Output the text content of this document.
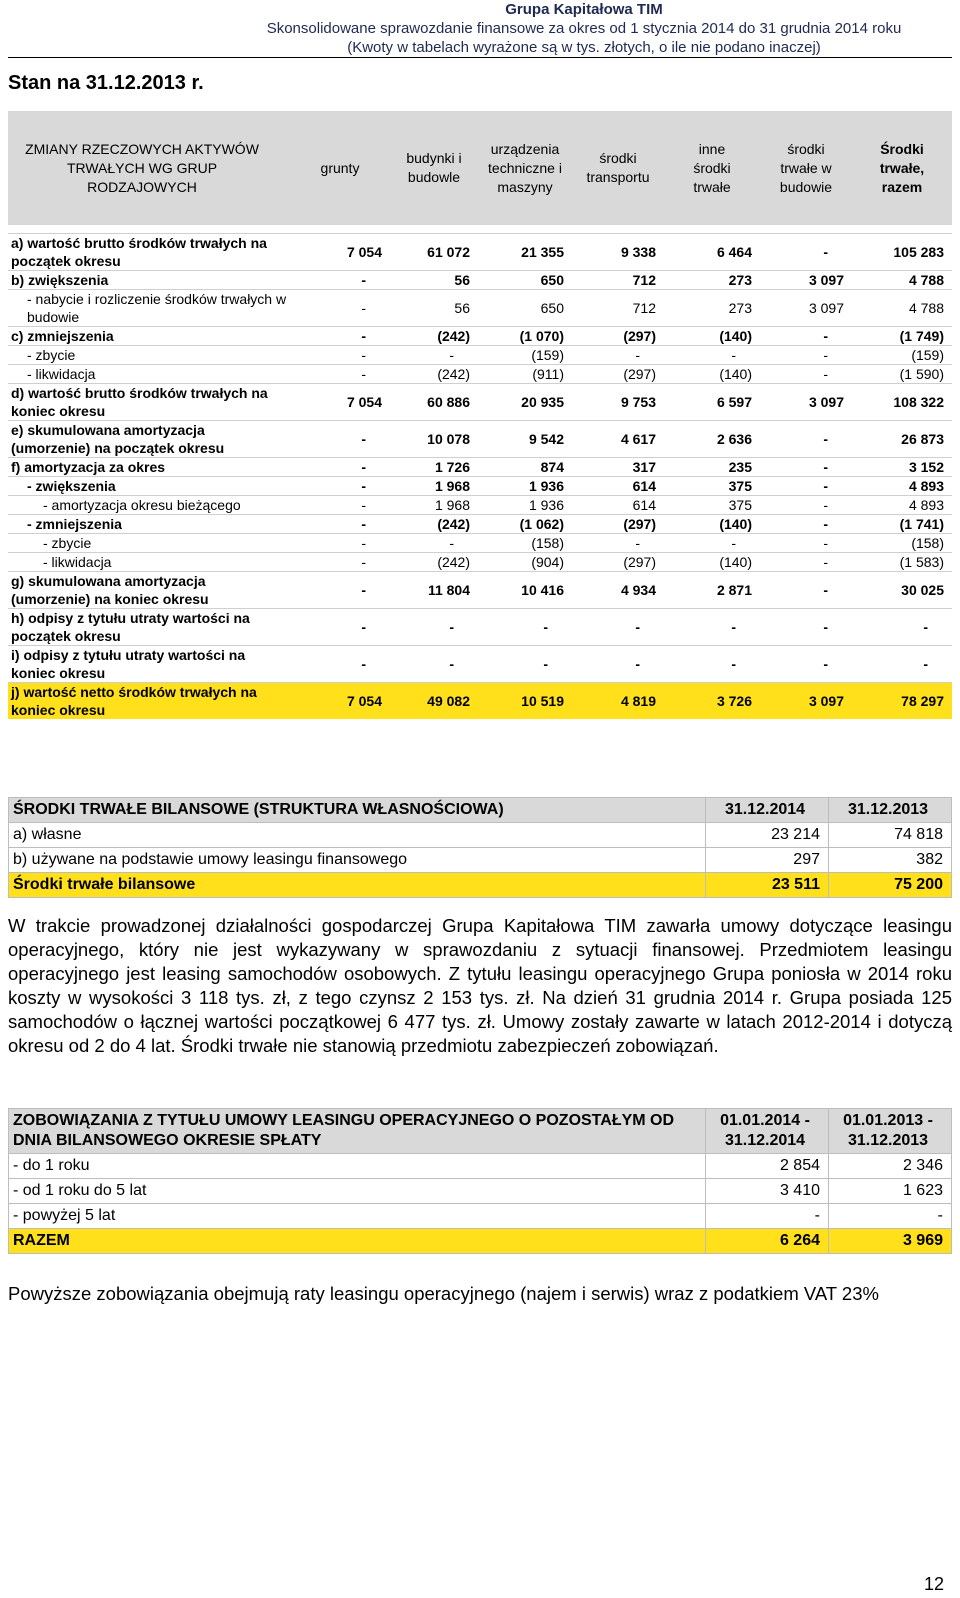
Grupa Kapitałowa TIM
Skonsolidowane sprawozdanie finansowe za okres od 1 stycznia 2014 do 31 grudnia 2014 roku
(Kwoty w tabelach wyrażone są w tys. złotych, o ile nie podano inaczej)
Stan na 31.12.2013 r.
ZMIANY RZECZOWYCH AKTYWÓW TRWAŁYCH WG GRUP RODZAJOWYCH	grunty	budynki i budowle	urządzenia techniczne i maszyny	środki transportu	inne środki trwałe	środki trwałe w budowie	Środki trwałe, razem

a) wartość brutto środków trwałych na początek okresu	7 054	61 072	21 355	9 338	6 464	-	105 283
b) zwiększenia	-	56	650	712	273	3 097	4 788
- nabycie i rozliczenie środków trwałych w budowie	-	56	650	712	273	3 097	4 788
c) zmniejszenia	-	(242)	(1 070)	(297)	(140)	-	(1 749)
- zbycie	-	-	(159)	-	-	-	(159)
- likwidacja	-	(242)	(911)	(297)	(140)	-	(1 590)
d) wartość brutto środków trwałych na koniec okresu	7 054	60 886	20 935	9 753	6 597	3 097	108 322
e) skumulowana amortyzacja (umorzenie) na początek okresu	-	10 078	9 542	4 617	2 636	-	26 873
f) amortyzacja za okres	-	1 726	874	317	235	-	3 152
- zwiększenia	-	1 968	1 936	614	375	-	4 893
- amortyzacja okresu bieżącego	-	1 968	1 936	614	375	-	4 893
- zmniejszenia	-	(242)	(1 062)	(297)	(140)	-	(1 741)
- zbycie	-	-	(158)	-	-	-	(158)
- likwidacja	-	(242)	(904)	(297)	(140)	-	(1 583)
g) skumulowana amortyzacja (umorzenie) na koniec okresu	-	11 804	10 416	4 934	2 871	-	30 025
h) odpisy z tytułu utraty wartości na początek okresu	-	-	-	-	-	-	-
i) odpisy z tytułu utraty wartości na koniec okresu	-	-	-	-	-	-	-
j) wartość netto środków trwałych na koniec okresu	7 054	49 082	10 519	4 819	3 726	3 097	78 297
ŚRODKI TRWAŁE BILANSOWE (STRUKTURA WŁASNOŚCIOWA)	31.12.2014	31.12.2013
a) własne	23 214	74 818
b) używane na podstawie umowy leasingu finansowego	297	382
Środki trwałe bilansowe	23 511	75 200
W trakcie prowadzonej działalności gospodarczej Grupa Kapitałowa TIM zawarła umowy dotyczące leasingu operacyjnego, który nie jest wykazywany w sprawozdaniu z sytuacji finansowej. Przedmiotem leasingu operacyjnego jest leasing samochodów osobowych. Z tytułu leasingu operacyjnego Grupa poniosła w 2014 roku koszty w wysokości 3 118 tys. zł, z tego czynsz 2 153 tys. zł. Na dzień 31 grudnia 2014 r. Grupa posiada 125 samochodów o łącznej wartości początkowej 6 477 tys. zł. Umowy zostały zawarte w latach 2012-2014 i dotyczą okresu od 2 do 4 lat. Środki trwałe nie stanowią przedmiotu zabezpieczeń zobowiązań.
ZOBOWIĄZANIA Z TYTUŁU UMOWY LEASINGU OPERACYJNEGO O POZOSTAŁYM OD DNIA BILANSOWEGO OKRESIE SPŁATY	01.01.2014 - 31.12.2014	01.01.2013 - 31.12.2013
- do 1 roku	2 854	2 346
- od 1 roku do 5 lat	3 410	1 623
- powyżej 5 lat	-	-
RAZEM	6 264	3 969
Powyższe zobowiązania obejmują raty leasingu operacyjnego (najem i serwis) wraz z podatkiem VAT 23%
12
